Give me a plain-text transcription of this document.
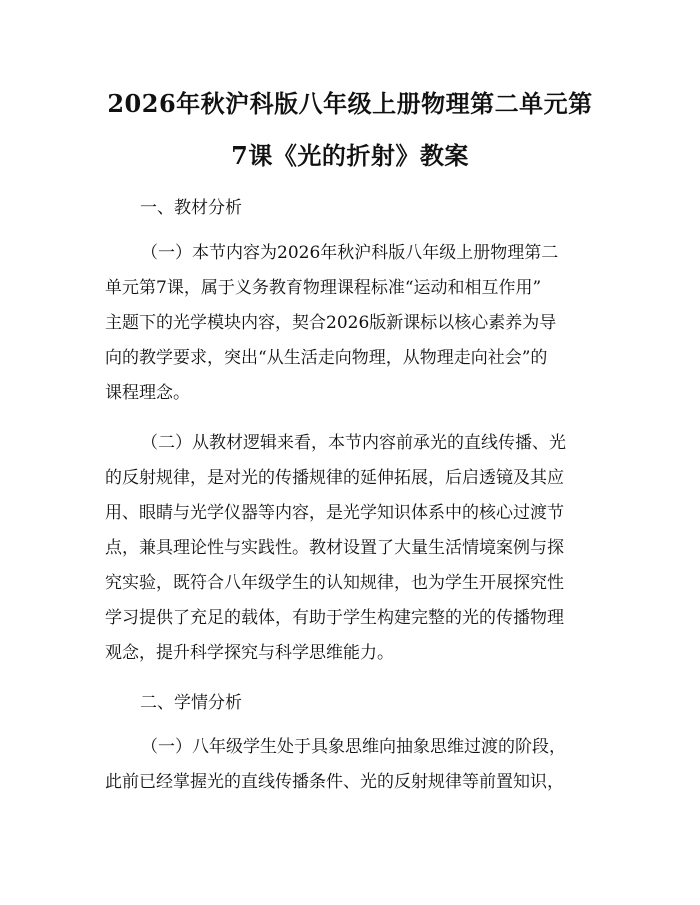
2026年秋沪科版八年级上册物理第二单元第
7课《光的折射》教案

一、教材分析

（一）本节内容为2026年秋沪科版八年级上册物理第二
单元第7课，属于义务教育物理课程标准“运动和相互作用”
主题下的光学模块内容，契合2026版新课标以核心素养为导
向的教学要求，突出“从生活走向物理，从物理走向社会”的
课程理念。
（二）从教材逻辑来看，本节内容前承光的直线传播、光
的反射规律，是对光的传播规律的延伸拓展，后启透镜及其应
用、眼睛与光学仪器等内容，是光学知识体系中的核心过渡节
点，兼具理论性与实践性。教材设置了大量生活情境案例与探
究实验，既符合八年级学生的认知规律，也为学生开展探究性
学习提供了充足的载体，有助于学生构建完整的光的传播物理
观念，提升科学探究与科学思维能力。

二、学情分析

（一）八年级学生处于具象思维向抽象思维过渡的阶段，
此前已经掌握光的直线传播条件、光的反射规律等前置知识，
